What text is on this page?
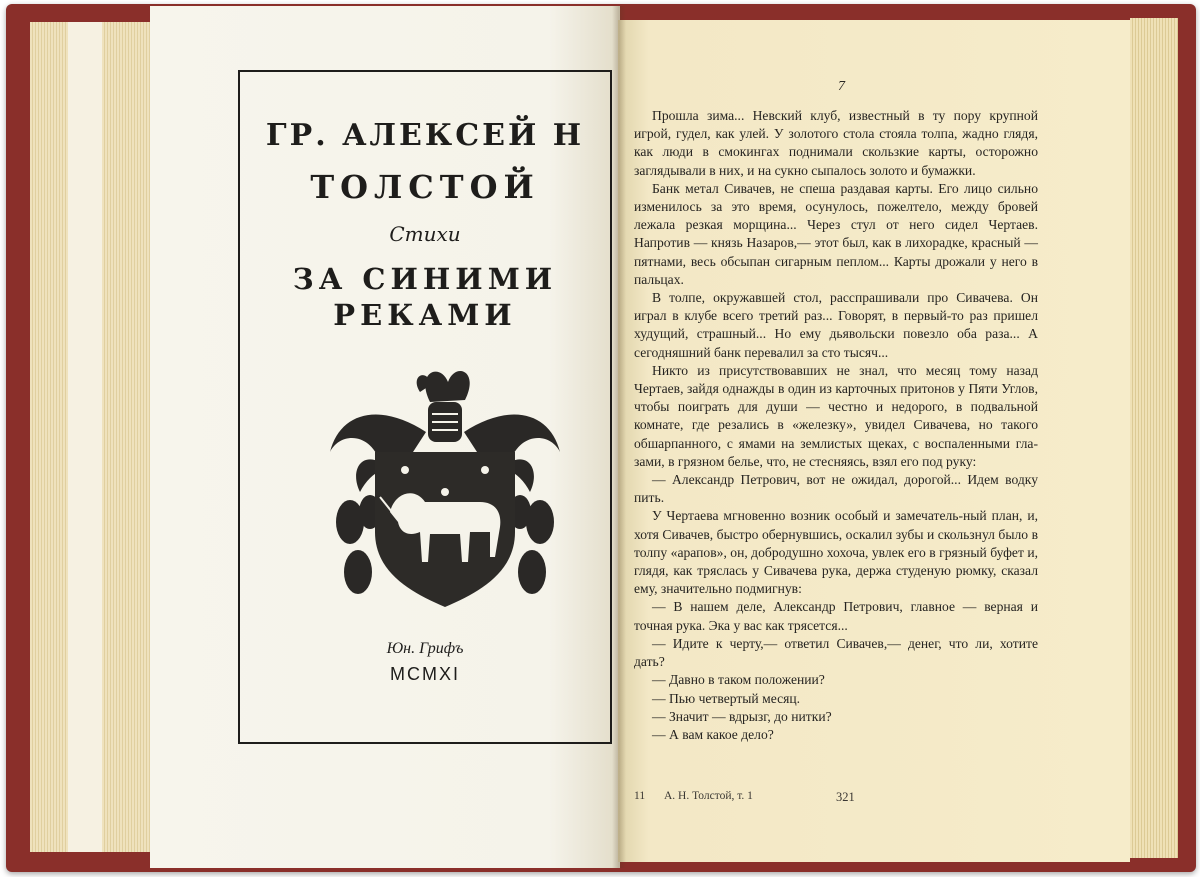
ГР. АЛЕКСЕЙ Н
ТОЛСТОЙ
Стихи
ЗА СИНИМИ
РЕКАМИ
Юн. Грифъ
MCMXI
7

Прошла зима... Невский клуб, известный в ту пору крупной игрой, гудел, как улей. У золотого стола стояла толпа, жадно глядя, как люди в смокингах поднимали скользкие карты, осторожно заглядывали в них, и на сукно сыпалось золото и бумажки.

Банк метал Сивачев, не спеша раздавая карты. Его лицо сильно изменилось за это время, осунулось, пожелтело, между бровей лежала резкая морщина... Через стул от него сидел Чертаев. Напротив — князь Назаров,— этот был, как в лихорадке, красный — пятнами, весь обсыпан сигарным пеплом... Карты дрожали у него в пальцах.

В толпе, окружавшей стол, расспрашивали про Сивачева. Он играл в клубе всего третий раз... Говорят, в первый-то раз пришел худущий, страшный... Но ему дьявольски повезло оба раза... А сегодняшний банк перевалил за сто тысяч...

Никто из присутствовавших не знал, что месяц тому назад Чертаев, зайдя однажды в один из карточных притонов у Пяти Углов, чтобы поиграть для души — честно и недорого, в подвальной комнате, где резались в «железку», увидел Сивачева, но такого обшарпанного, с ямами на землистых щеках, с воспаленными гла-зами, в грязном белье, что, не стесняясь, взял его под руку:

— Александр Петрович, вот не ожидал, дорогой... Идем водку пить.

У Чертаева мгновенно возник особый и замечатель-ный план, и, хотя Сивачев, быстро обернувшись, оскалил зубы и скользнул было в толпу «арапов», он, добродушно хохоча, увлек его в грязный буфет и, глядя, как тряслась у Сивачева рука, держа студеную рюмку, сказал ему, значительно подмигнув:

— В нашем деле, Александр Петрович, главное — верная и точная рука. Эка у вас как трясется...

— Идите к черту,— ответил Сивачев,— денег, что ли, хотите дать?

— Давно в таком положении?

— Пью четвертый месяц.

— Значит — вдрызг, до нитки?

— А вам какое дело?

11 А. Н. Толстой, т. 1	321
